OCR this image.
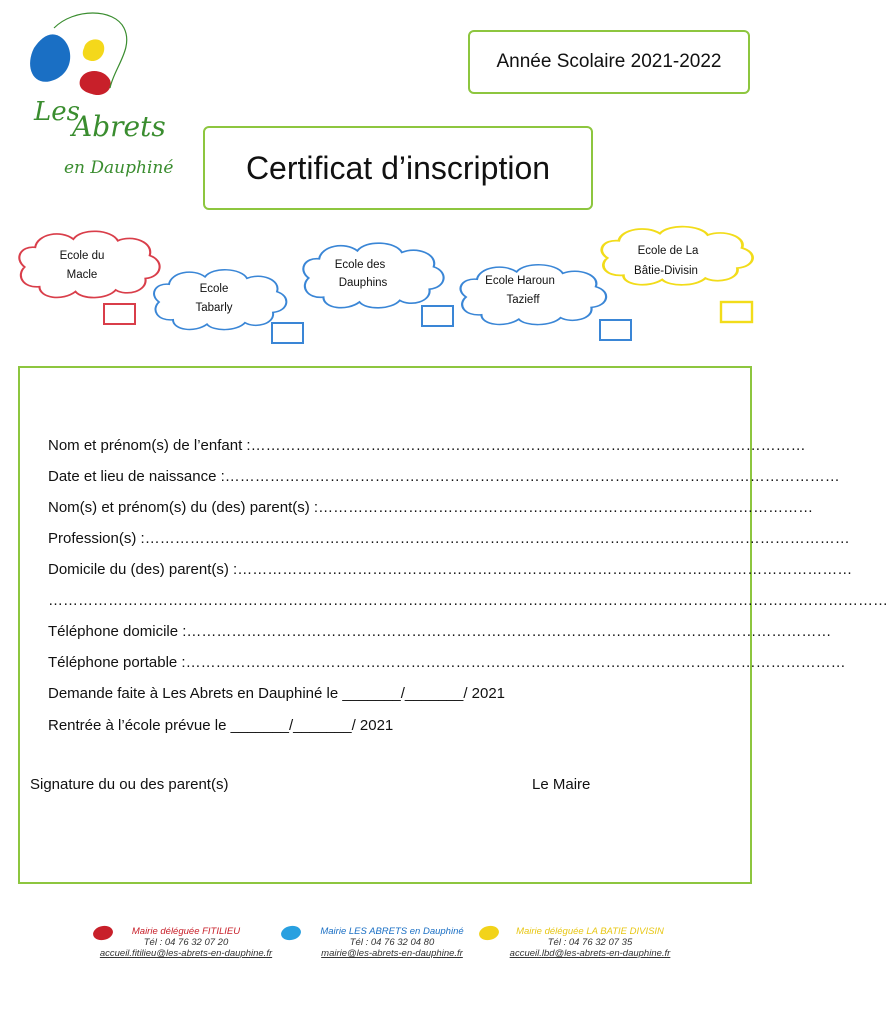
Les
Abrets
en Dauphiné
Année Scolaire 2021-2022
Certificat d’inscription
Ecole du
Macle
Ecole
Tabarly
Ecole des
Dauphins	Ecole Haroun
Tazieff
Ecole de La
Bâtie-Divisin
Nom et prénom(s) de l’enfant :…………………………………………………………………………………………………
Date et lieu de naissance :……………………………………………………………………………………………………………
Nom(s) et prénom(s) du (des) parent(s) :………………………………………………………………………………………
Profession(s) :……………………………………………………………………………………………………………………………
Domicile du (des) parent(s) :……………………………………………………………………………………………………………
……………………………………………………………………………………………………………………………………………………
Téléphone domicile :…………………………………………………………………………………………………………………
Téléphone portable :……………………………………………………………………………………………………………………
Demande faite à Les Abrets en Dauphiné le _______/_______/ 2021
Rentrée à l’école prévue le _______/_______/ 2021
Signature du ou des parent(s)	Le Maire
Mairie déléguée FITILIEU
Tél : 04 76 32 07 20
accueil.fitilieu@les-abrets-en-dauphine.fr
Mairie LES ABRETS en Dauphiné
Tél : 04 76 32 04 80
mairie@les-abrets-en-dauphine.fr
Mairie déléguée LA BATIE DIVISIN
Tél : 04 76 32 07 35
accueil.lbd@les-abrets-en-dauphine.fr
